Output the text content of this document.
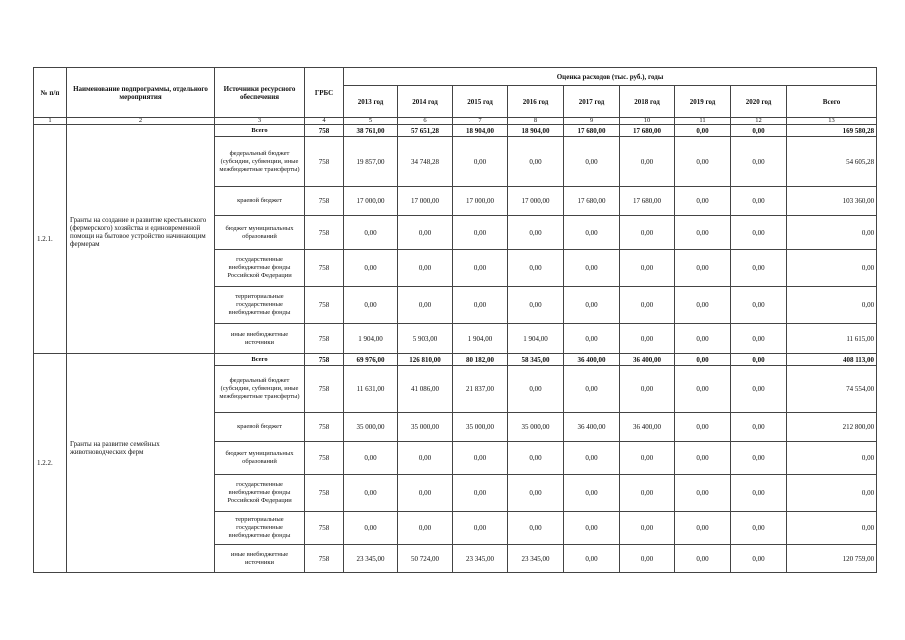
№ п/п	Наименование подпрограммы, отдельного мероприятия	Источники ресурсного обеспечения	ГРБС	Оценка расходов (тыс. руб.), годы								
				2013 год	2014 год	2015 год	2016 год	2017 год	2018 год	2019 год	2020 год	Всего
1	2	3	4	5	6	7	8	9	10	11	12	13
1.2.1.	Гранты на создание и развитие крестьянского (фермерского) хозяйства и единовременной помощи на бытовое устройство начинающим фермерам	Всего	758	38 761,00	57 651,28	18 904,00	18 904,00	17 680,00	17 680,00	0,00	0,00	169 580,28
		федеральный бюджет (субсидии, субвенции, иные межбюджетные трансферты)	758	19 857,00	34 748,28	0,00	0,00	0,00	0,00	0,00	0,00	54 605,28
		краевой бюджет	758	17 000,00	17 000,00	17 000,00	17 000,00	17 680,00	17 680,00	0,00	0,00	103 360,00
		бюджет муниципальных образований	758	0,00	0,00	0,00	0,00	0,00	0,00	0,00	0,00	0,00
		государственные внебюджетные фонды Российской Федерации	758	0,00	0,00	0,00	0,00	0,00	0,00	0,00	0,00	0,00
		территориальные государственные внебюджетные фонды	758	0,00	0,00	0,00	0,00	0,00	0,00	0,00	0,00	0,00
		иные внебюджетные источники	758	1 904,00	5 903,00	1 904,00	1 904,00	0,00	0,00	0,00	0,00	11 615,00
1.2.2.	Гранты на развитие семейных животноводческих ферм	Всего	758	69 976,00	126 810,00	80 182,00	58 345,00	36 400,00	36 400,00	0,00	0,00	408 113,00
		федеральный бюджет (субсидии, субвенции, иные межбюджетные трансферты)	758	11 631,00	41 086,00	21 837,00	0,00	0,00	0,00	0,00	0,00	74 554,00
		краевой бюджет	758	35 000,00	35 000,00	35 000,00	35 000,00	36 400,00	36 400,00	0,00	0,00	212 800,00
		бюджет муниципальных образований	758	0,00	0,00	0,00	0,00	0,00	0,00	0,00	0,00	0,00
		государственные внебюджетные фонды Российской Федерации	758	0,00	0,00	0,00	0,00	0,00	0,00	0,00	0,00	0,00
		территориальные государственные внебюджетные фонды	758	0,00	0,00	0,00	0,00	0,00	0,00	0,00	0,00	0,00
		иные внебюджетные источники	758	23 345,00	50 724,00	23 345,00	23 345,00	0,00	0,00	0,00	0,00	120 759,00
